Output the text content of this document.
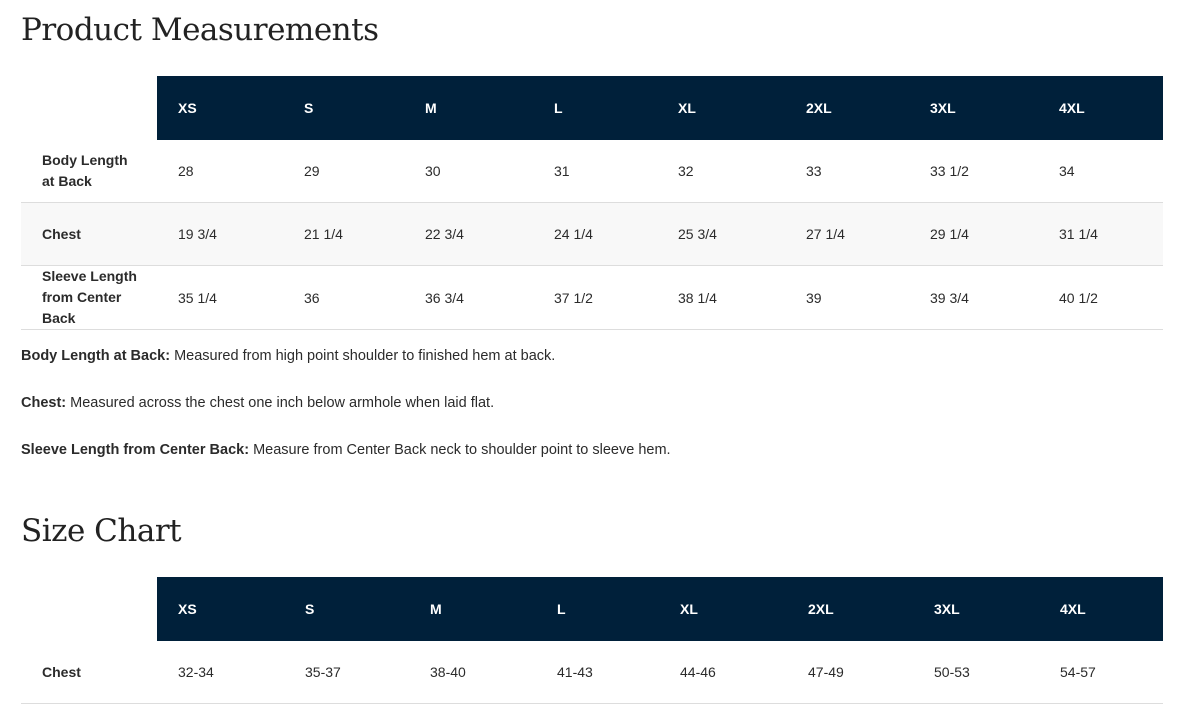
Product Measurements
	XS	S	M	L	XL	2XL	3XL	4XL
Body Length at Back	28	29	30	31	32	33	33 1/2	34
Chest	19 3/4	21 1/4	22 3/4	24 1/4	25 3/4	27 1/4	29 1/4	31 1/4
Sleeve Length from Center Back	35 1/4	36	36 3/4	37 1/2	38 1/4	39	39 3/4	40 1/2

Body Length at Back: Measured from high point shoulder to finished hem at back.

Chest: Measured across the chest one inch below armhole when laid flat.

Sleeve Length from Center Back: Measure from Center Back neck to shoulder point to sleeve hem.

Size Chart
	XS	S	M	L	XL	2XL	3XL	4XL
Chest	32-34	35-37	38-40	41-43	44-46	47-49	50-53	54-57
